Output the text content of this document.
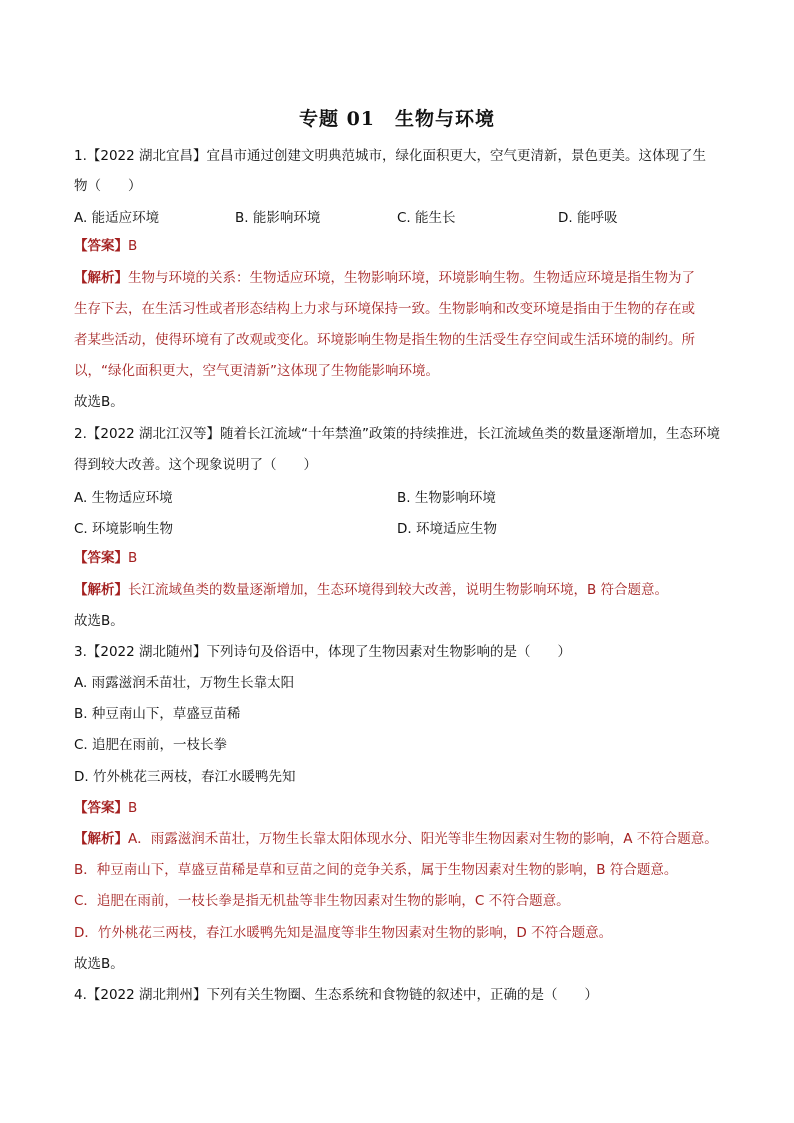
专题 01　生物与环境
1.【2022 湖北宜昌】宜昌市通过创建文明典范城市，绿化面积更大，空气更清新，景色更美。这体现了生
物（　　）
A. 能适应环境	B. 能影响环境	C. 能生长	D. 能呼吸
【答案】B
【解析】生物与环境的关系：生物适应环境，生物影响环境，环境影响生物。生物适应环境是指生物为了
生存下去，在生活习性或者形态结构上力求与环境保持一致。生物影响和改变环境是指由于生物的存在或
者某些活动，使得环境有了改观或变化。环境影响生物是指生物的生活受生存空间或生活环境的制约。所
以，“绿化面积更大，空气更清新”这体现了生物能影响环境。
故选B。
2.【2022 湖北江汉等】随着长江流域“十年禁渔”政策的持续推进，长江流域鱼类的数量逐渐增加，生态环境
得到较大改善。这个现象说明了（　　）
A. 生物适应环境	B. 生物影响环境
C. 环境影响生物	D. 环境适应生物
【答案】B
【解析】长江流域鱼类的数量逐渐增加，生态环境得到较大改善，说明生物影响环境，B 符合题意。
故选B。
3.【2022 湖北随州】下列诗句及俗语中，体现了生物因素对生物影响的是（　　）
A. 雨露滋润禾苗壮，万物生长靠太阳
B. 种豆南山下，草盛豆苗稀
C. 追肥在雨前，一枝长拳
D. 竹外桃花三两枝，春江水暖鸭先知
【答案】B
【解析】A．雨露滋润禾苗壮，万物生长靠太阳体现水分、阳光等非生物因素对生物的影响，A 不符合题意。
B．种豆南山下，草盛豆苗稀是草和豆苗之间的竞争关系，属于生物因素对生物的影响，B 符合题意。
C．追肥在雨前，一枝长拳是指无机盐等非生物因素对生物的影响，C 不符合题意。
D．竹外桃花三两枝，春江水暖鸭先知是温度等非生物因素对生物的影响，D 不符合题意。
故选B。
4.【2022 湖北荆州】下列有关生物圈、生态系统和食物链的叙述中，正确的是（　　）
